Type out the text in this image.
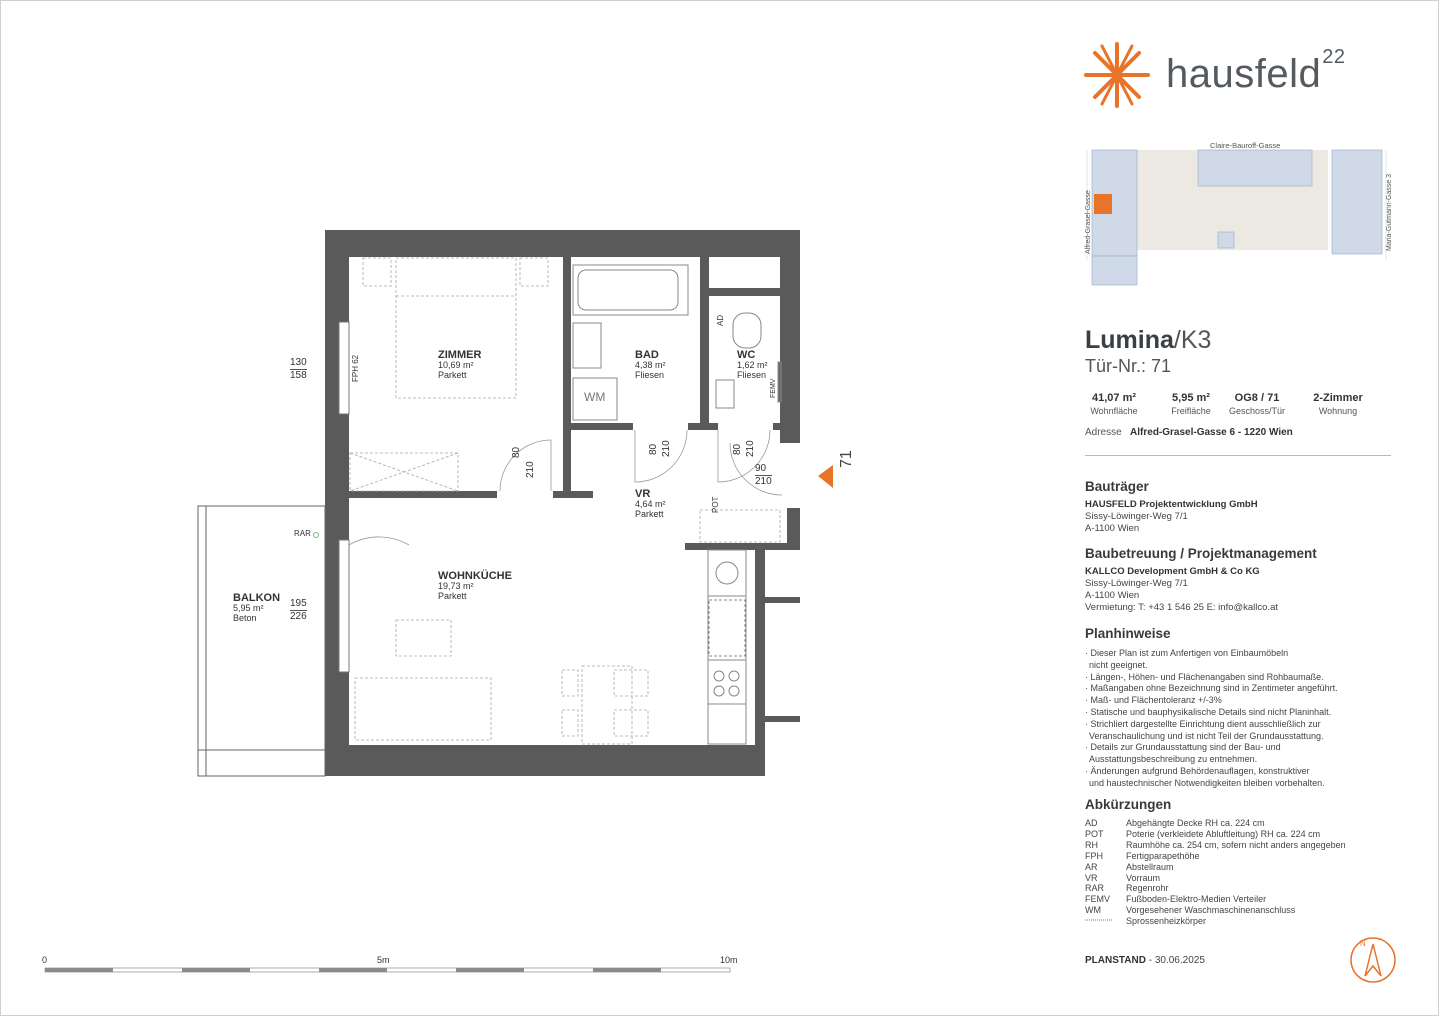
ZIMMER
10,69 m²
Parkett
BAD
4,38 m²
Fliesen
WC
1,62 m²
Fliesen
VR
4,64 m²
Parkett
WOHNKÜCHE
19,73 m²
Parkett
BALKON
5,95 m²
Beton
130
158
195
226
80
210
80 210	80 210
90
210
FPH 62
RAR
WM
POT
FEMV
AD
71
0	5m	10m
hausfeld$^{22}$
Claire-Bauroff-Gasse
Alfred-Grasel-Gasse	Maria-Gutmann-Gasse 3
Lumina/K3
Tür-Nr.: 71
41,07 m²
Wohnfläche
5,95 m²
Freifläche
OG8 / 71
Geschoss/Tür
2-Zimmer
Wohnung
Adresse Alfred-Grasel-Gasse 6 - 1220 Wien
Bauträger
HAUSFELD Projektentwicklung GmbH
Sissy-Löwinger-Weg 7/1
A-1100 Wien
Baubetreuung / Projektmanagement
KALLCO Development GmbH & Co KG
Sissy-Löwinger-Weg 7/1
A-1100 Wien
Vermietung: T: +43 1 546 25 E: info@kallco.at
Planhinweise
· Dieser Plan ist zum Anfertigen von Einbaumöbeln
nicht geeignet.
· Längen-, Höhen- und Flächenangaben sind Rohbaumaße.
· Maßangaben ohne Bezeichnung sind in Zentimeter angeführt.
· Maß- und Flächentoleranz +/-3%
· Statische und bauphysikalische Details sind nicht Planinhalt.
· Strichliert dargestellte Einrichtung dient ausschließlich zur
Veranschaulichung und ist nicht Teil der Grundausstattung.
· Details zur Grundausstattung sind der Bau- und
Ausstattungsbeschreibung zu entnehmen.
· Änderungen aufgrund Behördenauflagen, konstruktiver
und haustechnischer Notwendigkeiten bleiben vorbehalten.
Abkürzungen
AD	Abgehängte Decke RH ca. 224 cm
POT	Poterie (verkleidete Abluftleitung) RH ca. 224 cm
RH	Raumhöhe ca. 254 cm, sofern nicht anders angegeben
FPH	Fertigparapethöhe
AR	Abstellraum
VR	Vorraum
RAR	Regenrohr
FEMV	Fußboden-Elektro-Medien Verteiler
WM	Vorgesehener Waschmaschinenanschluss
Sprossenheizkörper
PLANSTAND - 30.06.2025
N
